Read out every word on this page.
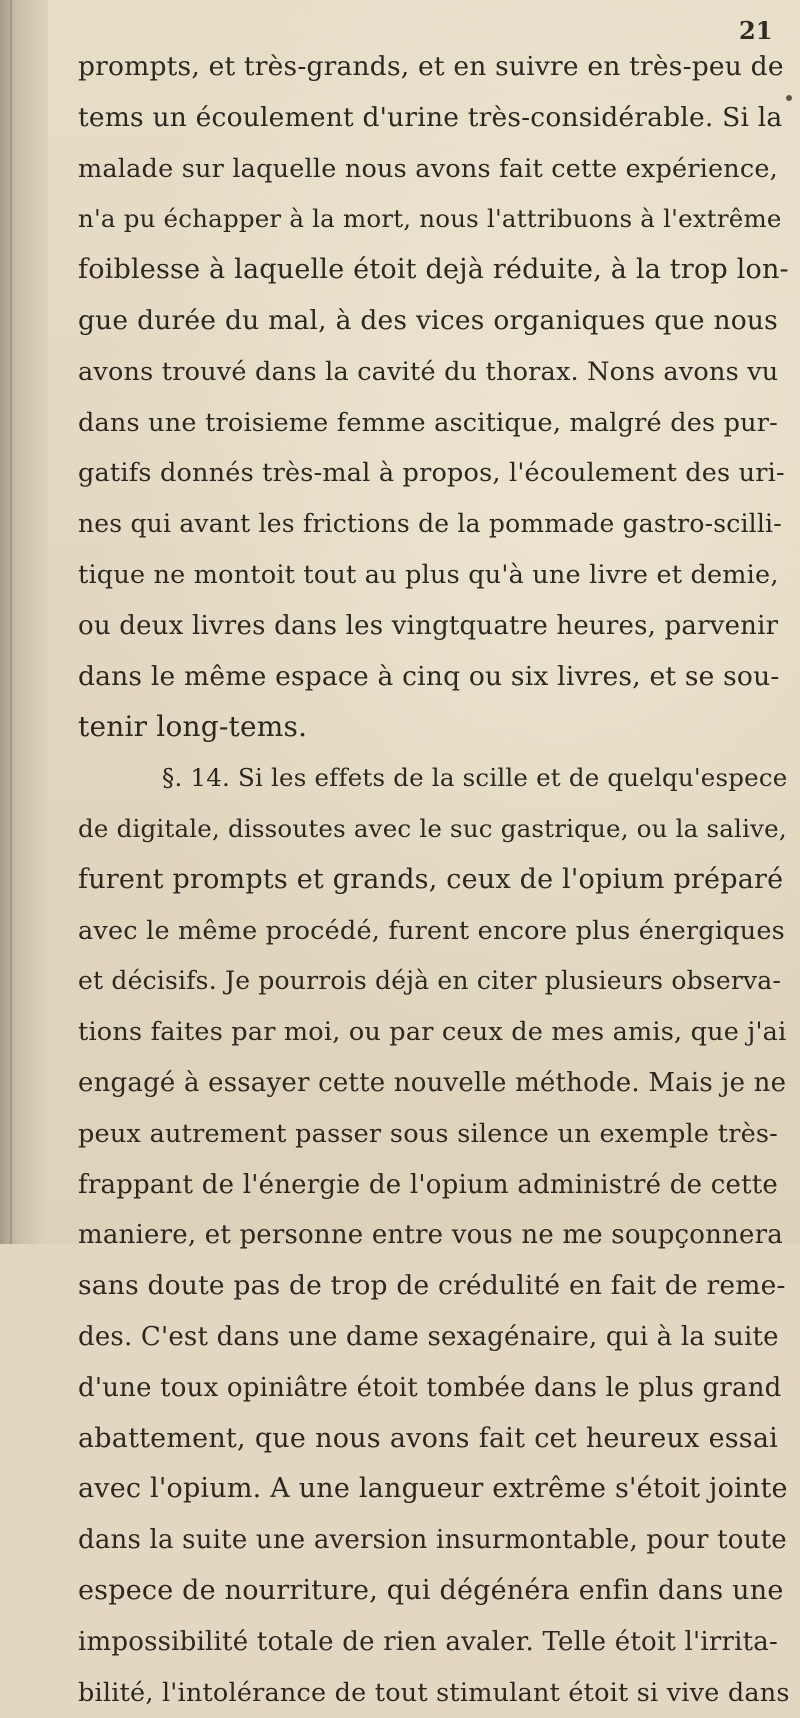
21
prompts, et très-grands, et en suivre en très-peu de
tems un écoulement d'urine très-considérable. Si la
malade sur laquelle nous avons fait cette expérience,
n'a pu échapper à la mort, nous l'attribuons à l'extrême
foiblesse à laquelle étoit dejà réduite, à la trop lon-
gue durée du mal, à des vices organiques que nous
avons trouvé dans la cavité du thorax. Nons avons vu
dans une troisieme femme ascitique, malgré des pur-
gatifs donnés très-mal à propos, l'écoulement des uri-
nes qui avant les frictions de la pommade gastro-scilli-
tique ne montoit tout au plus qu'à une livre et demie,
ou deux livres dans les vingtquatre heures, parvenir
dans le même espace à cinq ou six livres, et se sou-
tenir long-tems.
§. 14. Si les effets de la scille et de quelqu'espece
de digitale, dissoutes avec le suc gastrique, ou la salive,
furent prompts et grands, ceux de l'opium préparé
avec le même procédé, furent encore plus énergiques
et décisifs. Je pourrois déjà en citer plusieurs observa-
tions faites par moi, ou par ceux de mes amis, que j'ai
engagé à essayer cette nouvelle méthode. Mais je ne
peux autrement passer sous silence un exemple très-
frappant de l'énergie de l'opium administré de cette
maniere, et personne entre vous ne me soupçonnera
sans doute pas de trop de crédulité en fait de reme-
des. C'est dans une dame sexagénaire, qui à la suite
d'une toux opiniâtre étoit tombée dans le plus grand
abattement, que nous avons fait cet heureux essai
avec l'opium. A une langueur extrême s'étoit jointe
dans la suite une aversion insurmontable, pour toute
espece de nourriture, qui dégénéra enfin dans une
impossibilité totale de rien avaler. Telle étoit l'irrita-
bilité, l'intolérance de tout stimulant étoit si vive dans
